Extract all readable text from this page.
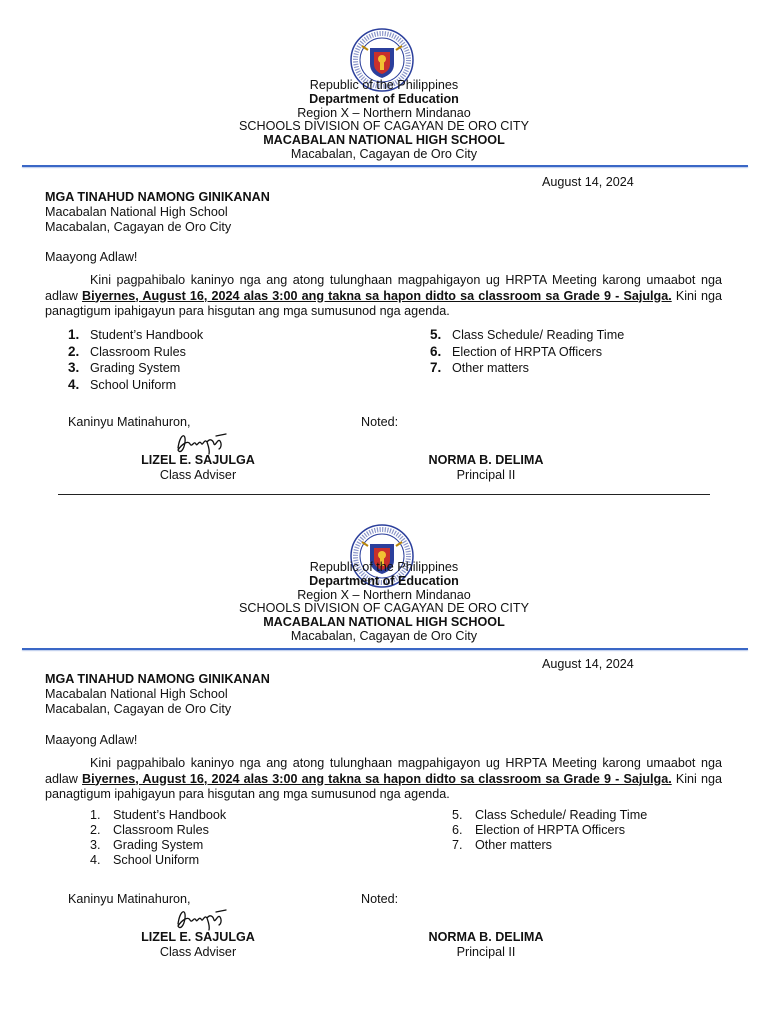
Republic of the Philippines
Department of Education
Region X – Northern Mindanao
SCHOOLS DIVISION OF CAGAYAN DE ORO CITY
MACABALAN NATIONAL HIGH SCHOOL
Macabalan, Cagayan de Oro City
August 14, 2024
MGA TINAHUD NAMONG GINIKANAN
Macabalan National High School
Macabalan, Cagayan de Oro City
Maayong Adlaw!
Kini pagpahibalo kaninyo nga ang atong tulunghaan magpahigayon ug HRPTA Meeting karong umaabot nga adlaw Biyernes, August 16, 2024 alas 3:00 ang takna sa hapon didto sa classroom sa Grade 9 - Sajulga. Kini nga panagtigum ipahigayun para hisgutan ang mga sumusunod nga agenda.
1. Student’s Handbook
2. Classroom Rules
3. Grading System
4. School Uniform
5. Class Schedule/ Reading Time
6. Election of HRPTA Officers
7. Other matters
Kaninyu Matinahuron,	Noted:
LIZEL E. SAJULGA
Class Adviser
NORMA B. DELIMA
Principal II
Republic of the Philippines
Department of Education
Region X – Northern Mindanao
SCHOOLS DIVISION OF CAGAYAN DE ORO CITY
MACABALAN NATIONAL HIGH SCHOOL
Macabalan, Cagayan de Oro City
August 14, 2024
MGA TINAHUD NAMONG GINIKANAN
Macabalan National High School
Macabalan, Cagayan de Oro City
Maayong Adlaw!
Kini pagpahibalo kaninyo nga ang atong tulunghaan magpahigayon ug HRPTA Meeting karong umaabot nga adlaw Biyernes, August 16, 2024 alas 3:00 ang takna sa hapon didto sa classroom sa Grade 9 - Sajulga. Kini nga panagtigum ipahigayun para hisgutan ang mga sumusunod nga agenda.
1. Student’s Handbook
2. Classroom Rules
3. Grading System
4. School Uniform
5. Class Schedule/ Reading Time
6. Election of HRPTA Officers
7. Other matters
Kaninyu Matinahuron,	Noted:
LIZEL E. SAJULGA
Class Adviser
NORMA B. DELIMA
Principal II
